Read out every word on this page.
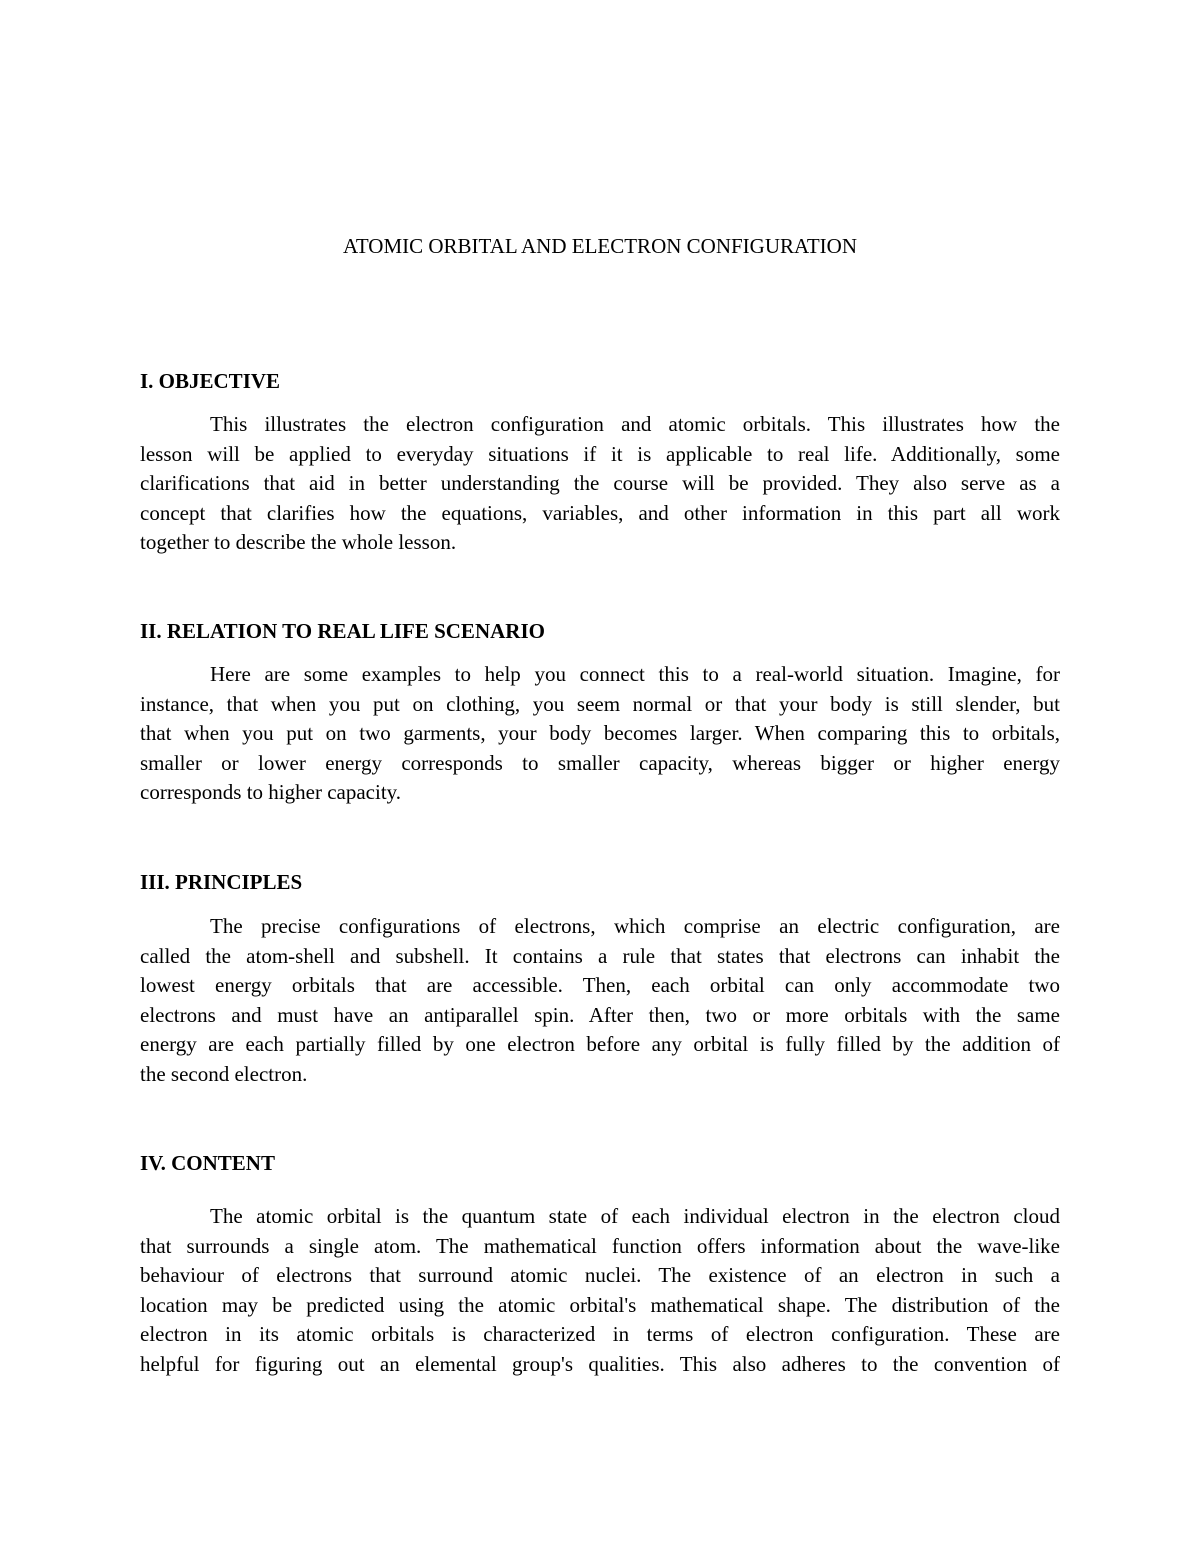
ATOMIC ORBITAL AND ELECTRON CONFIGURATION
I. OBJECTIVE
This illustrates the electron configuration and atomic orbitals. This illustrates how the
lesson will be applied to everyday situations if it is applicable to real life. Additionally, some
clarifications that aid in better understanding the course will be provided. They also serve as a
concept that clarifies how the equations, variables, and other information in this part all work
together to describe the whole lesson.
II. RELATION TO REAL LIFE SCENARIO
Here are some examples to help you connect this to a real-world situation. Imagine, for
instance, that when you put on clothing, you seem normal or that your body is still slender, but
that when you put on two garments, your body becomes larger. When comparing this to orbitals,
smaller or lower energy corresponds to smaller capacity, whereas bigger or higher energy
corresponds to higher capacity.
III. PRINCIPLES
The precise configurations of electrons, which comprise an electric configuration, are
called the atom-shell and subshell. It contains a rule that states that electrons can inhabit the
lowest energy orbitals that are accessible. Then, each orbital can only accommodate two
electrons and must have an antiparallel spin. After then, two or more orbitals with the same
energy are each partially filled by one electron before any orbital is fully filled by the addition of
the second electron.
IV. CONTENT
The atomic orbital is the quantum state of each individual electron in the electron cloud
that surrounds a single atom. The mathematical function offers information about the wave-like
behaviour of electrons that surround atomic nuclei. The existence of an electron in such a
location may be predicted using the atomic orbital's mathematical shape. The distribution of the
electron in its atomic orbitals is characterized in terms of electron configuration. These are
helpful for figuring out an elemental group's qualities. This also adheres to the convention of
